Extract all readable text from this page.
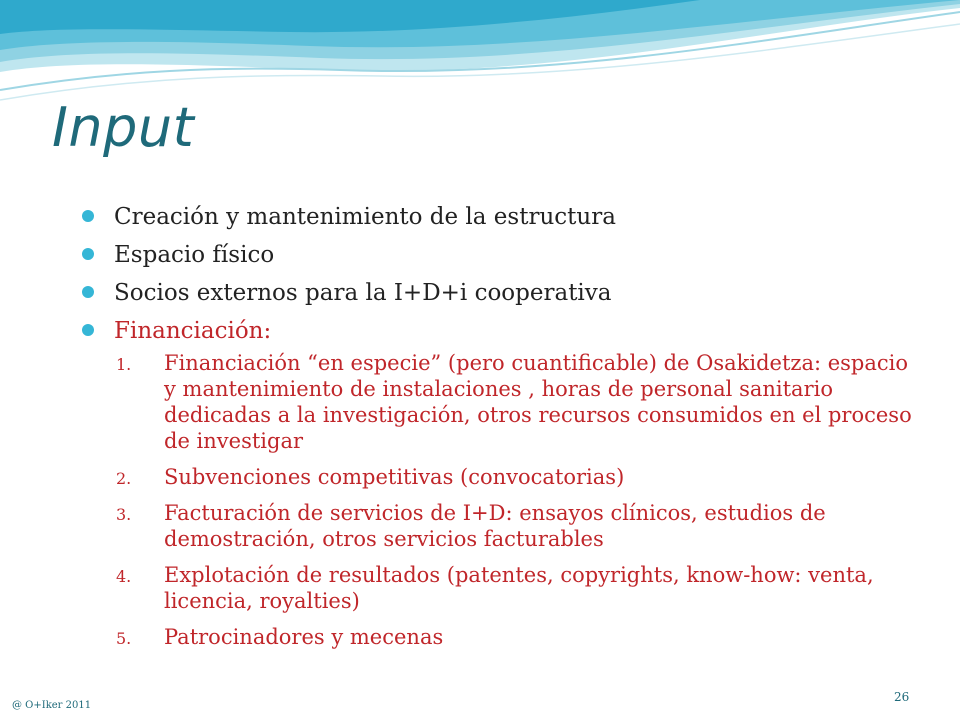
Input
Creación y mantenimiento de la estructura
Espacio físico
Socios externos para la I+D+i cooperativa
Financiación:
1. Financiación “en especie” (pero cuantificable) de Osakidetza: espacio y mantenimiento de instalaciones , horas de personal sanitario dedicadas a la investigación, otros recursos consumidos en el proceso de investigar
2. Subvenciones competitivas (convocatorias)
3. Facturación de servicios de I+D: ensayos clínicos, estudios de demostración, otros servicios facturables
4. Explotación de resultados (patentes, copyrights, know-how: venta, licencia, royalties)
5. Patrocinadores y mecenas
@ O+Iker 2011
26
